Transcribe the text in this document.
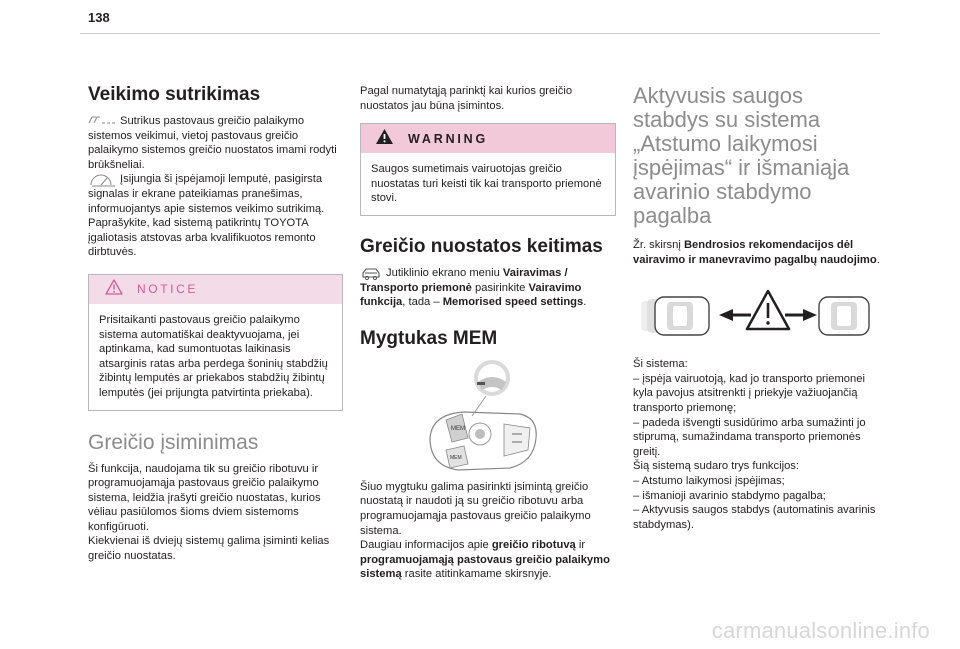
138
Veikimo sutrikimas

Sutrikus pastovaus greičio palaikymo sistemos veikimui, vietoj pastovaus greičio palaikymo sistemos greičio nuostatos imami rodyti brūkšneliai.

Įsijungia ši įspėjamoji lemputė, pasigirsta signalas ir ekrane pateikiamas pranešimas, informuojantys apie sistemos veikimo sutrikimą.

Paprašykite, kad sistemą patikrintų TOYOTA įgaliotasis atstovas arba kvalifikuotos remonto dirbtuvės.

NOTICE

Prisitaikanti pastovaus greičio palaikymo sistema automatiškai deaktyvuojama, jei aptinkama, kad sumontuotas laikinasis atsarginis ratas arba perdega šoninių stabdžių žibintų lemputės ar priekabos stabdžių žibintų lemputės (jei prijungta patvirtinta priekaba).

Greičio įsiminimas

Ši funkcija, naudojama tik su greičio ribotuvu ir programuojamąja pastovaus greičio palaikymo sistema, leidžia įrašyti greičio nuostatas, kurios vėliau pasiūlomos šioms dviem sistemoms konfigūruoti.

Kiekvienai iš dviejų sistemų galima įsiminti kelias greičio nuostatas.

Pagal numatytąją parinktį kai kurios greičio nuostatos jau būna įsimintos.

WARNING

Saugos sumetimais vairuotojas greičio nuostatas turi keisti tik kai transporto priemonė stovi.

Greičio nuostatos keitimas

Jutiklinio ekrano meniu Vairavimas / Transporto priemonė pasirinkite Vairavimo funkcija, tada – Memorised speed settings.

Mygtukas MEM
MEM
MEM

Šiuo mygtuku galima pasirinkti įsimintą greičio nuostatą ir naudoti ją su greičio ribotuvu arba programuojamąja pastovaus greičio palaikymo sistema.

Daugiau informacijos apie greičio ribotuvą ir programuojamąją pastovaus greičio palaikymo sistemą rasite atitinkamame skirsnyje.

Aktyvusis saugos stabdys su sistema „Atstumo laikymosi įspėjimas“ ir išmaniąja avarinio stabdymo pagalba

Žr. skirsnį Bendrosios rekomendacijos dėl vairavimo ir manevravimo pagalbų naudojimo.

Ši sistema:

– įspėja vairuotoją, kad jo transporto priemonei kyla pavojus atsitrenkti į priekyje važiuojančią transporto priemonę;

– padeda išvengti susidūrimo arba sumažinti jo stiprumą, sumažindama transporto priemonės greitį.

Šią sistemą sudaro trys funkcijos:

– Atstumo laikymosi įspėjimas;

– išmanioji avarinio stabdymo pagalba;

– Aktyvusis saugos stabdys (automatinis avarinis stabdymas).

carmanualsonline.info
